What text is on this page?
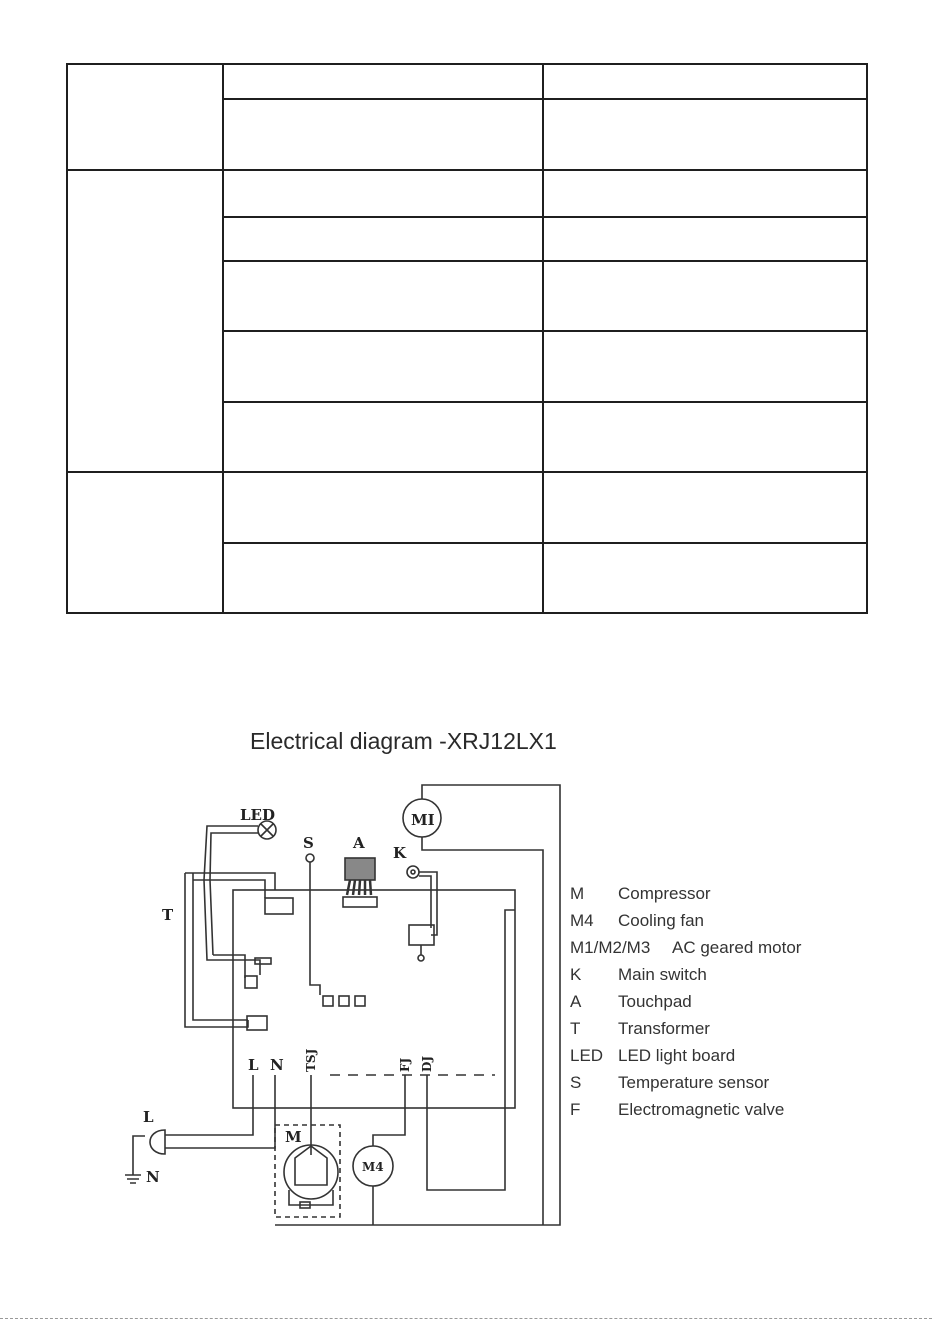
Electrical diagram -XRJ12LX1
LED
S	A
K
T
MI
L N TSJ	FJ DJ
M
M4
L
N
M Compressor
M4 Cooling fan
M1/M2/M3 AC geared motor
K Main switch
A Touchpad
T Transformer
LED LED light board
S Temperature sensor
F Electromagnetic valve
